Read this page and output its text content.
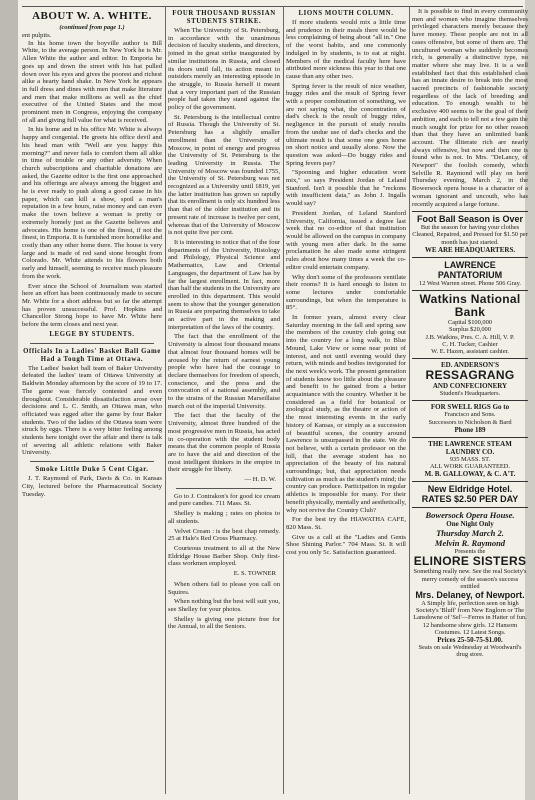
ABOUT W. A. WHITE.
(continued from page 1.)
ent pulpits.

In his home town the boyville author is Bill White, to the average person. In New York he is Mr. Allen White the author and editor. In Emporia he goes up and down the street with his hat pulled down over his eyes and gives the poorest and richest alike a hearty hand shake. In New York he appears in full dress and dines with men that make literature and men that make millions as well as the chief executive of the United States and the most prominent men in Congress, enjoying the company of all and giving full value for what is received.

In his home and in his office Mr. White is always happy and congenial. He greets his office devil and his head man with "Well are you happy this morning?" and never fails to comfort them all alike in time of trouble or any other adversity. When church subscriptions and charitable donations are asked, the Gazette editor is the first one approached and his offerings are always among the biggest and he is ever ready to push along a good cause in his paper, which can kill a show, spoil a man's reputation in a few hours, raise money and can even make the town believe a woman is pretty or extremely homely just as the Gazette believes and advocates. His home is one of the finest, if not the finest, in Emporia. It is furnished more homelike and costly than any other home there. The house is very large and is made of red sand stone brought from Colorado. Mr. White attends to his flowers both early and himself, seeming to receive much pleasure from the work.

Ever since the School of Journalism was started here an effort has been continuously made to secure Mr. White for a short address but so far the attempt has proven unsuccessful. Prof. Hopkins and Chancellor Strong hope to have Mr. White here before the term closes and next year.

LEGGE BY STUDENTS.
Officials In a Ladies' Basket Ball Game Had a Tough Time at Ottawa.

The Ladies' basket ball team of Baker University defeated the ladies' team of Ottawa University at Baldwin Monday afternoon by the score of 19 to 17. The game was fiercely contested and even throughout. Considerable dissatisfaction arose over decisions and L. C. Smith, an Ottawa man, who officiated was egged after the game by four Baker students. Two of the ladies of the Ottawa team were struck by eggs. There is a very bitter feeling among students here tonight over the affair and there is talk of severing all athletic relations with Baker University.

Smoke Little Duke 5 Cent Cigar.

J. T. Raymond of Park, Davis & Co. in Kansas City, lectured before the Pharmaceutical Society Tuesday.

FOUR THOUSAND RUSSIAN STUDENTS STRIKE.

When The University of St. Petersburg, in accordance with the unanimous decision of faculty students, and directors, joined in the great strike inaugurated by similar institutions in Russia, and closed its doors until fall, its action meant to outsiders merely an interesting episode in the struggle, to Russia herself it meant that a very important part of the Russian people had taken they stand against the policy of the government.

St. Petersburg is the intellectual centre of Russia. Though the University of St. Petersburg has a slightly smaller enrollment than the University of Moscow, in point of energy and progress the University of St. Petersburg is the leading University in Russia. The University of Moscow was founded 1755, the University of St. Petersburg was not recognized as a University until 1819, yet the latter institution has grown so rapidly that its enrollment is only six hundred less than that of the older institution and its present rate of increase is twelve per cent, whereas that of the University of Moscow is not quite five per cent.

It is interesting to notice that of the four departments of the University, Histology and Philology, Physical Science and Mathematics, Law and Oriental Languages, the department of Law has by far the largest enrollment. In fact, more than half the students in the University are enrolled in this department. This would seem to show that the younger generation in Russia are preparing themselves to take an active part in the making and interpretation of the laws of the country.

The fact that the enrollment of the University is almost four thousand means that almost four thousand homes will be aroused by the return of earnest young people who have had the courage to declare themselves for freedom of speech, conscience, and the press and the convocation of a national assembly, and to the strains of the Russian Marseillaise march out of the imperial University.

The fact that the faculty of the University, almost three hundred of the most progressive men in Russia, has acted in co-operation with the student body means that the common people of Russia are to have the aid and direction of the most intelligent thinkers in the empire in their struggle for liberty.

— H. D. W.

Go to J. Contrakon's for good ice cream and pure candies. 711 Mass. St.

Shelley is making ; rates on photos to all students.

Velvet Cream : is the best chap remedy. 25 at Hale's Red Cross Pharmacy.

Courteous treatment to all at the New Eldridge House Barber Shop. Only first-class workmen employed.

E. S. TOWNER

When others fail to please you call on Squires.

When nothing but the best will suit you, see Shelley for your photos.

Shelley is giving one picture free for the Annual, to all the Seniors.

LIONS MOUTH COLUMN.

If more students would mix a little time and prudence in their meals there would be less complaining of being about "all in." One of the worst habits, and one commonly indulged in by students, is to eat at night. Members of the medical faculty here have attributed more sickness this year to that one cause than any other two.

Spring fever is the result of nice weather, buggy rides and the result of Spring fever with a proper combination of something, we are not saying what, the concentration of dad's check is the result of buggy rides, negligence in the pursuit of study results from the undue use of dad's checks and the ultimate result is that some one goes home on short notice and usually alone. Now the question was asked—Do buggy rides and Spring fevers pay?

"Spooning and higher education wont mix," so says President Jordan of Leland Stanford. Isn't it possible that he "reckons with insufficient data," as John J. Ingalls would say?

President Jordan, of Leland Stanford University, California, issued a degree last week that no co-editor of that institution would be allowed on the campus in company with young men after dark. In the same proclamation he also made some stringent rules about how many times a week the co-editor could entertain company.

Why don't some of the professors ventilate their rooms? It is hard enough to listen to some lectures under comfortable surroundings, but when the temperature is 85°.

In former years, almost every clear Saturday morning in the fall and spring saw the members of the country club going out into the country for a long walk, to Blue Mound, Lake View or some near point of interest, and not until evening would they return, with minds and bodies invigorated for the next week's work. The present generation of students know too little about the pleasure and benefit to be gained from a better acquaintance with the country. Whether it be considered as a field for botanical or zoological study, as the theatre or action of the most interesting events in the early history of Kansas, or simply as a succession of beautiful scenes, the country around Lawrence is unsurpassed in the state. We do not believe, with a certain professor on the hill, that the average student has no appreciation of the beauty of his natural surroundings; but, that appreciation needs cultivation as much as the student's mind; the country can produce. Participation in regular athletics is impossible for many. For their benefit physically, mentally and aesthetically, why not revive the Country Club?

For the best try the HIAWATHA CAFE, 820 Mass. St.

Give us a call at the "Ladies and Gents Shoe Shining Parlor." 704 Mass. St. It will cost you only 5c. Satisfaction guaranteed.

It is possible to find in every community men and women who imagine themselves privileged characters merely because they have money. These people are not in all cases offensive, but some of them are. The uncultured woman who suddenly becomes rich, is generally a distinctive type, no matter where she may live. It is a well established fact that this established class has an innate desire to break into the most sacred precincts of fashionable society regardless of the lack of breeding and education. To enough wealth to be exclusive 400 seems to be the goal of their ambition, and each to tell not a few gain the much sought for prize for no other reason than that they have an unlimited bank account. The illiterate rich are nearly always offensive, but now and then one is found who is not. In Mrs. "DeLancy, of Newport" the foolish comedy, which Selville R. Raymond will play on here Thursday evening, March 2, in the Bowersock opera house is a character of a woman ignorant and uncouth, who has recently acquired a large fortune.

Foot Ball Season is Over
But the season for having your clothes Cleaned, Repaired, and Pressed for $1.50 per month has just started.
WE ARE HEADQUARTERS.
LAWRENCE PANTATORIUM
12 West Warren street. Phone 506 Gray.
Watkins National Bank
Capital $100,000
Surplus $20,000
J.B. Watkins, Pres. C. A. Hill, V. P.
C. H. Tucker, Cashier
W. E. Hazen, assistant cashier.
ED. ANDERSON'S
RESSAGRANG
AND CONFECIONERY
Student's Headquarters.
FOR SWELL RIGS Go to
Francisco and Sons.
Successors to Nicholson & Bard
Phone 189
THE LAWRENCE STEAM LAUNDRY CO.
935 MASS. ST.
ALL WORK GUARANTEED.
M. B. GALLOWAY, & C. A'T.
New Eldridge Hotel.
RATES $2.50 PER DAY
Bowersock Opera House.
One Night Only
Thursday March 2.
Melvin R. Raymond
Presents the
ELINORE SISTERS
Something really new. See the real Society's merry comedy of the season's success entitled
Mrs. Delaney, of Newport.
A Simply life, perfection seen on high Society's 'Bluff' from New Englorn or The Lansdowne of 'Sel'—Ferres in Hatter of fun. 12 handsome show girls. 12 Hansom Costumes. 12 Latest Songs.
Prices 25-50-75-$1.00.
Seats on sale Wednesday at Woodward's drug store.
